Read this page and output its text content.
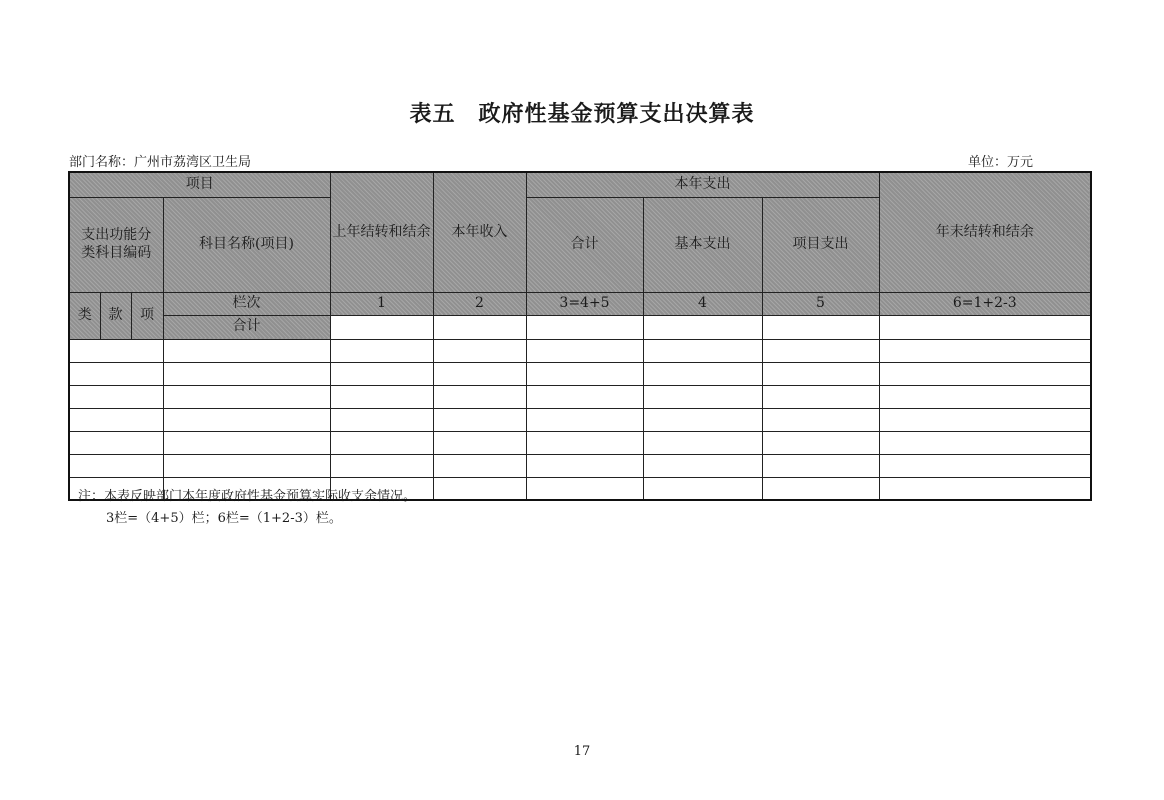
表五　政府性基金预算支出决算表
部门名称：广州市荔湾区卫生局	单位：万元
项目				上年结转和结余	本年收入	本年支出			年末结转和结余

支出功能分类科目编码			科目名称(项目)			合计	基本支出	项目支出	
类	款	项	栏次	1	2	3=4+5	4	5	6=1+2-3
			合计						

注：本表反映部门本年度政府性基金预算实际收支余情况。
3栏=（4+5）栏；6栏=（1+2-3）栏。
17
